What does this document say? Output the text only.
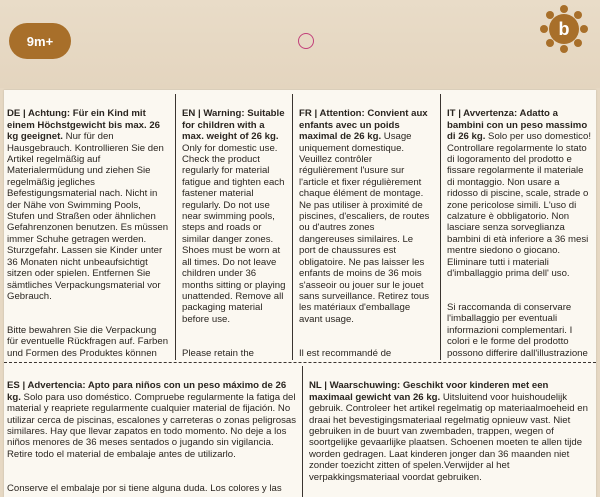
9m+
b

DE | Achtung: Für ein Kind mit einem Höchstgewicht bis max. 26 kg geeignet. Nur für den Hausgebrauch. Kontrollieren Sie den Artikel regelmäßig auf Materialermüdung und ziehen Sie regelmäßig jegliches Befestigungsmaterial nach. Nicht in der Nähe von Swimming Pools, Stufen und Straßen oder ähnlichen Gefahrenzonen benutzen. Es müssen immer Schuhe getragen werden. Sturzgefahr. Lassen sie Kinder unter 36 Monaten nicht unbeaufsichtigt sitzen oder spielen. Entfernen Sie sämtliches Verpackungsmaterial vor Gebrauch.

Bitte bewahren Sie die Verpackung für eventuelle Rückfragen auf. Farben und Formen des Produktes können

EN | Warning: Suitable for children with a max. weight of 26 kg. Only for domestic use. Check the product regularly for material fatigue and tighten each fastener material regularly. Do not use near swimming pools, steps and roads or similar danger zones. Shoes must be worn at all times. Do not leave children under 36 months sitting or playing unattended. Remove all packaging material before use.

Please retain the

FR | Attention: Convient aux enfants avec un poids maximal de 26 kg. Usage uniquement domestique. Veuillez contrôler régulièrement l'usure sur l'article et fixer régulièrement chaque élément de montage. Ne pas utiliser à proximité de piscines, d'escaliers, de routes ou d'autres zones dangereuses similaires. Le port de chaussures est obligatoire. Ne pas laisser les enfants de moins de 36 mois s'asseoir ou jouer sur le jouet sans surveillance. Retirez tous les matériaux d'emballage avant usage.

Il est recommandé de

IT | Avvertenza: Adatto a bambini con un peso massimo di 26 kg. Solo per uso domestico! Controllare regolarmente lo stato di logoramento del prodotto e fissare regolarmente il materiale di montaggio. Non usare a ridosso di piscine, scale, strade o zone pericolose simili. L'uso di calzature è obbligatorio. Non lasciare senza sorveglianza bambini di età inferiore a 36 mesi mentre siedono o giocano. Eliminare tutti i materiali d'imballaggio prima dell' uso.

Si raccomanda di conservare l'imballaggio per eventuali informazioni complementari. I colori e le forme del prodotto possono differire dall'illustrazione

ES | Advertencia: Apto para niños con un peso máximo de 26 kg. Solo para uso doméstico. Compruebe regularmente la fatiga del material y reapriete regularmente cualquier material de fijación. No utilizar cerca de piscinas, escalones y carreteras o zonas peligrosas similares. Hay que llevar zapatos en todo momento. No deje a los niños menores de 36 meses sentados o jugando sin vigilancia. Retire todo el material de embalaje antes de utilizarlo.

Conserve el embalaje por si tiene alguna duda. Los colores y las

NL | Waarschuwing: Geschikt voor kinderen met een maximaal gewicht van 26 kg. Uitsluitend voor huishoudelijk gebruik. Controleer het artikel regelmatig op materiaalmoeheid en draai het bevestigingsmateriaal regelmatig opnieuw vast. Niet gebruiken in de buurt van zwembaden, trappen, wegen of soortgelijke gevaarlijke plaatsen. Schoenen moeten te allen tijde worden gedragen. Laat kinderen jonger dan 36 maanden niet zonder toezicht zitten of spelen.Verwijder al het verpakkingsmateriaal voordat gebruiken.
